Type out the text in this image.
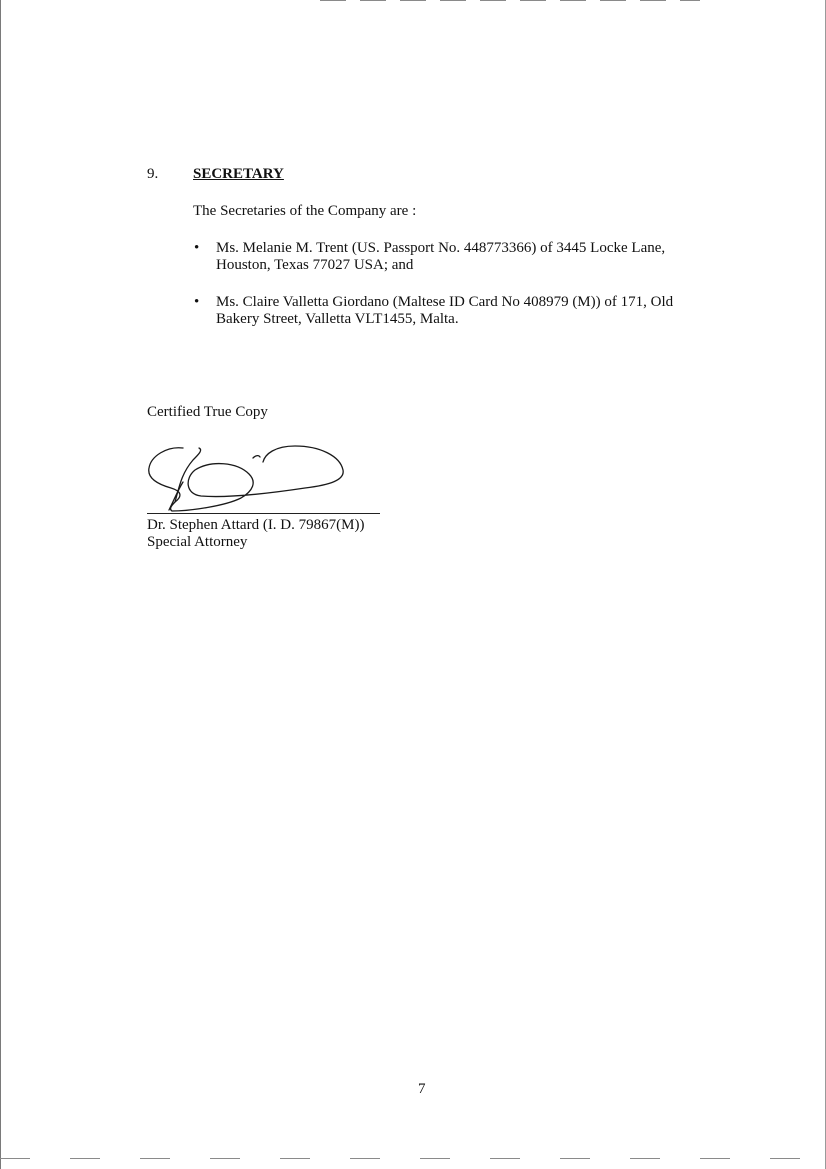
9. SECRETARY
The Secretaries of the Company are :
• Ms. Melanie M. Trent (US. Passport No. 448773366) of 3445 Locke Lane,
Houston, Texas 77027 USA; and
• Ms. Claire Valletta Giordano (Maltese ID Card No 408979 (M)) of 171, Old
Bakery Street, Valletta VLT1455, Malta.
Certified True Copy
Dr. Stephen Attard (I. D. 79867(M))
Special Attorney
7
